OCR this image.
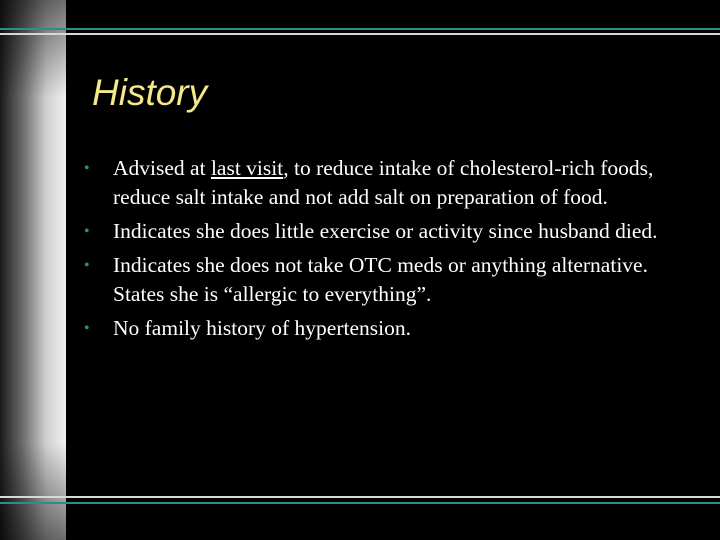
History
• Advised at last visit, to reduce intake of cholesterol-rich foods, reduce salt intake and not add salt on preparation of food.
• Indicates she does little exercise or activity since husband died.
• Indicates she does not take OTC meds or anything alternative. States she is “allergic to everything”.
• No family history of hypertension.
